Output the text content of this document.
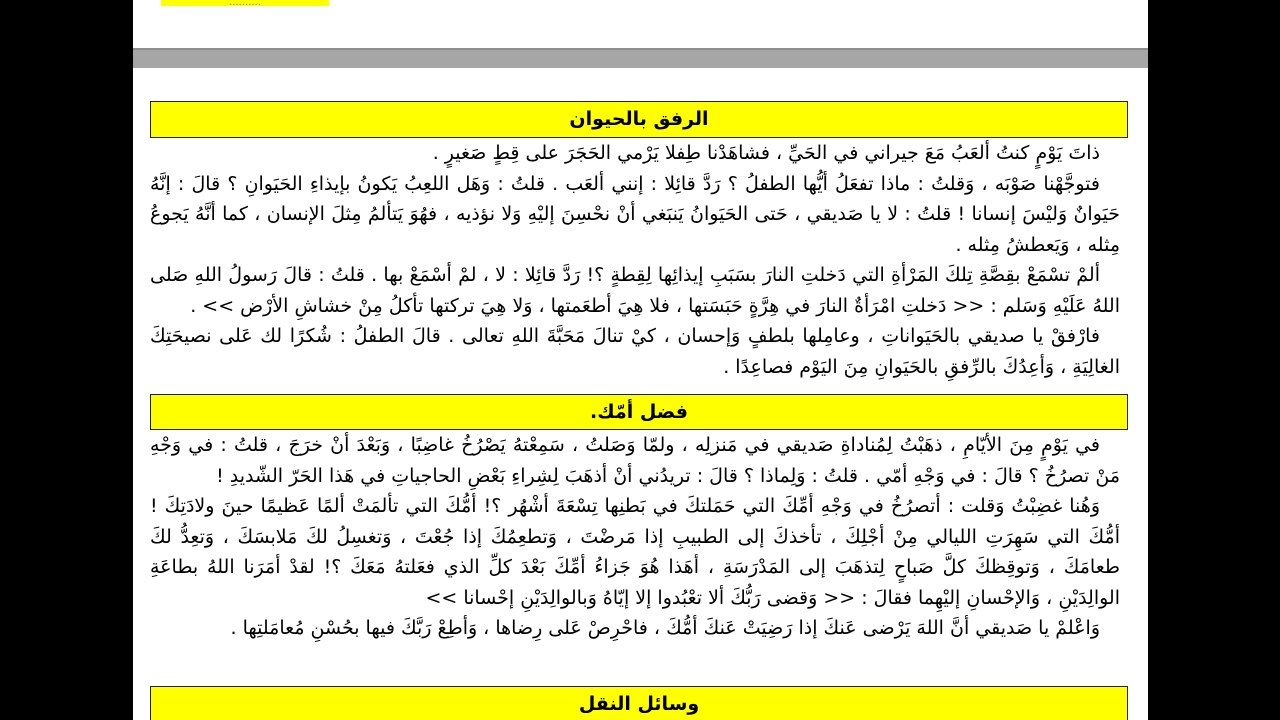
..........
الرفق بالحيوان

ذاتَ يَوْمٍ كنتُ ألعَبُ مَعَ جيراني في الحَيِّ ، فشاهَدْنا طِفلا يَرْمي الحَجَرَ على قِطٍ صَغيرٍ .

فتوجَّهْنا صَوْبَه ، وَقلتُ : ماذا تفعَلُ أيُّها الطفلُ ؟ رَدَّ قائِلا : إنني ألعَب . قلتُ : وَهَل اللعِبُ يَكونُ بإيذاءِ الحَيَوانِ ؟ قالَ : إنَّهُ حَيَوانٌ وَليْسَ إنسانا ! قلتُ : لا يا صَديقي ، حَتى الحَيَوانُ يَنبَغي أنْ نحْسِنَ إليْهِ وَلا نؤذيه ، فهُوَ يَتألمُ مِثلَ الإنسان ، كما أنَّهُ يَجوعُ مِثله ، وَيَعطشُ مِثله .

ألمْ تسْمَعْ بقِصَّةِ تِلكَ المَرْأةِ التي دَخلتِ النارَ بسَبَبِ إيذائِها لِقِطةٍ ؟! رَدَّ قائِلا : لا ، لمْ أسْمَعْ بها . قلتُ : قالَ رَسولُ اللهِ صَلى اللهُ عَلَيْهِ وَسَلم : << دَخلتِ امْرَأةٌ النارَ في هِرَّةٍ حَبَسَتها ، فلا هِيَ أطعَمتها ، وَلا هِيَ تركتها تأكلُ مِنْ خشاشِ الأرْض >> .

فارْفقْ يا صديقي بالحَيَواناتِ ، وعامِلها بلطفٍ وَإحسان ، كيْ تنالَ مَحَبَّةَ اللهِ تعالى . قالَ الطفلُ : شُكرًا لك عَلى نصيحَتِكَ الغالِيَةِ ، وَأعِدُكَ بالرِّفقِ بالحَيَوانِ مِنَ اليَوْم فصاعِدًا .

فضل أمّك.

في يَوْمٍ مِنَ الأيّامِ ، ذهَبْتُ لِمُناداةِ صَديقي في مَنزلِه ، ولمّا وَصَلتُ ، سَمِعْتهُ يَصْرُخُ غاضِبًا ، وَبَعْدَ أنْ خرَجَ ، قلتُ : في وَجْهِ مَنْ تصرُخُ ؟ قالَ : في وَجْهِ أمّي . قلتُ : وَلِماذا ؟ قالَ : تريدُني أنْ أذهَبَ لِشِراءِ بَعْضِ الحاجياتِ في هَذا الحَرّ الشّديدِ !

وَهُنا غضِبْتُ وَقلت : أتصرُخُ في وَجْهِ أمِّكَ التي حَمَلتكَ في بَطنِها تِسْعَةَ أشْهُر ؟! أمُّكَ التي تألمَتْ ألمًا عَظيمًا حينَ ولادَتِكَ ! أمُّكَ التي سَهِرَتِ الليالي مِنْ أجْلِكَ ، تأخذكَ إلى الطبيبِ إذا مَرضْتَ ، وَتطعِمُكَ إذا جُعْتَ ، وَتغسِلُ لكَ مَلابسَكَ ، وَتعِدُّ لكَ طعامَكَ ، وَتوقِظكَ كلَّ صَباحٍ لِتذهَبَ إلى المَدْرَسَةِ ، أهَذا هُوَ جَزاءُ أمِّكَ بَعْدَ كلِّ الذي فعَلتهُ مَعَكَ ؟! لقدْ أمَرَنا اللهُ بطاعَةِ الوالِدَيْنِ ، وَالإحْسانِ إليْهِما فقالَ : << وَقضى رَبُّكَ ألا تعْبُدوا إلا إيّاهُ وَبالوالِدَيْنِ إحْسانا >>

وَاعْلمْ يا صَديقي أنَّ اللهَ يَرْضى عَنكَ إذا رَضِيَتْ عَنكَ أمُّكَ ، فاحْرِصْ عَلى رِضاها ، وَأطِعْ رَبَّكَ فيها بحُسْنِ مُعامَلتِها .

وسائل النقل
